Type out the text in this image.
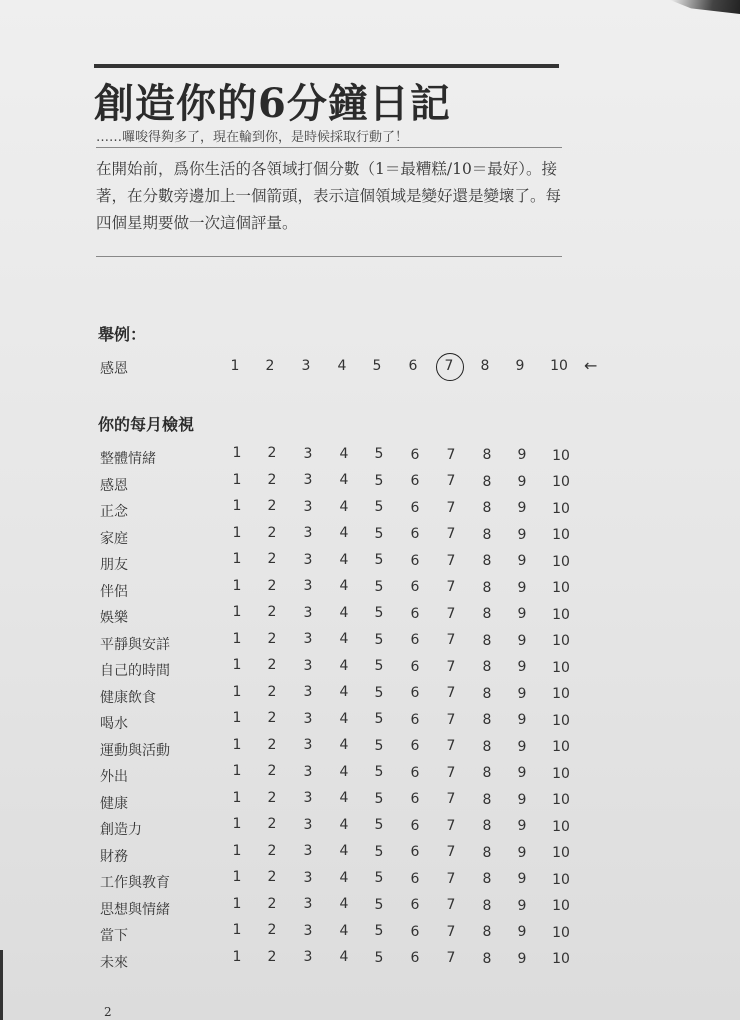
創造你的6分鐘日記
……囉唆得夠多了，現在輪到你，是時候採取行動了！
在開始前，爲你生活的各領域打個分數（1＝最糟糕/10＝最好）。接著，在分數旁邊加上一個箭頭，表示這個領域是變好還是變壞了。每四個星期要做一次這個評量。
舉例：
感恩	1	2	3	4	5	6	7	8	9	10 ←
你的每月檢視
整體情緒	1	2	3	4	5	6	7	8	9	10
感恩	1	2	3	4	5	6	7	8	9	10
正念	1	2	3	4	5	6	7	8	9	10
家庭	1	2	3	4	5	6	7	8	9	10
朋友	1	2	3	4	5	6	7	8	9	10
伴侶	1	2	3	4	5	6	7	8	9	10
娛樂	1	2	3	4	5	6	7	8	9	10
平靜與安詳	1	2	3	4	5	6	7	8	9	10
自己的時間	1	2	3	4	5	6	7	8	9	10
健康飲食	1	2	3	4	5	6	7	8	9	10
喝水	1	2	3	4	5	6	7	8	9	10
運動與活動	1	2	3	4	5	6	7	8	9	10
外出	1	2	3	4	5	6	7	8	9	10
健康	1	2	3	4	5	6	7	8	9	10
創造力	1	2	3	4	5	6	7	8	9	10
財務	1	2	3	4	5	6	7	8	9	10
工作與教育	1	2	3	4	5	6	7	8	9	10
思想與情緒	1	2	3	4	5	6	7	8	9	10
當下	1	2	3	4	5	6	7	8	9	10
未來	1	2	3	4	5	6	7	8	9	10
2
